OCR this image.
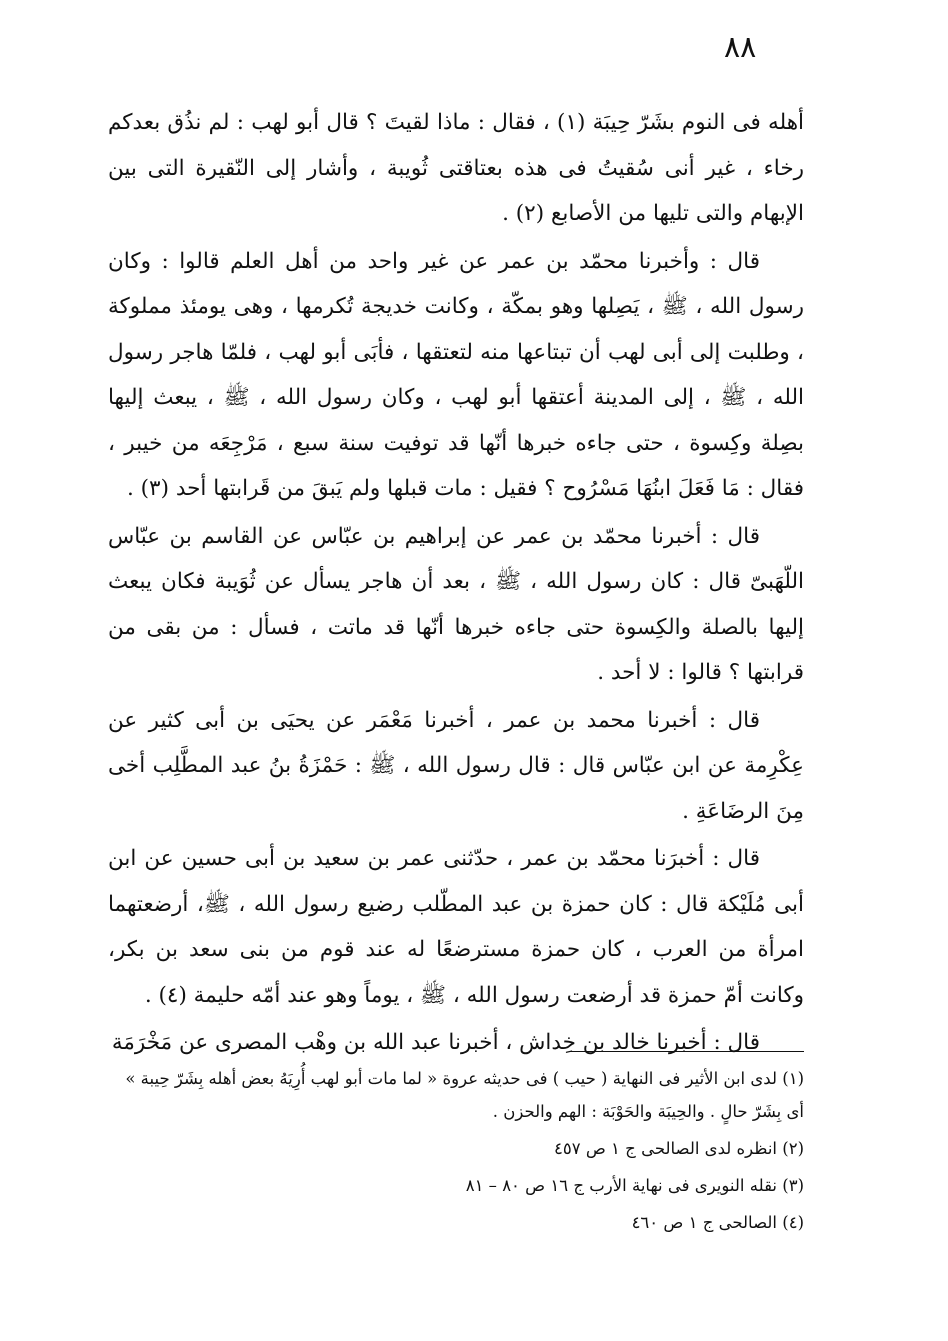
٨٨

أهله فى النوم بشَرّ حِيبَة (١) ، فقال : ماذا لقيتَ ؟ قال أبو لهب : لم نذُق بعدكم رخاء ، غير أنى سُقيتُ فى هذه بعتاقتى ثُويبة ، وأشار إلى النّقيرة التى بين الإبهام والتى تليها من الأصابع (٢) .

قال : وأخبرنا محمّد بن عمر عن غير واحد من أهل العلم قالوا : وكان رسول الله ، ﷺ ، يَصِلها وهو بمكّة ، وكانت خديجة تُكرمها ، وهى يومئذ مملوكة ، وطلبت إلى أبى لهب أن تبتاعها منه لتعتقها ، فأبَى أبو لهب ، فلمّا هاجر رسول الله ، ﷺ ، إلى المدينة أعتقها أبو لهب ، وكان رسول الله ، ﷺ ، يبعث إليها بصِلة وكِسوة ، حتى جاءه خبرها أنّها قد توفيت سنة سبع ، مَرْجِعَه من خيبر ، فقال : مَا فَعَلَ ابنُهَا مَسْرُوح ؟ فقيل : مات قبلها ولم يَبقَ من قَرابتها أحد (٣) .

قال : أخبرنا محمّد بن عمر عن إبراهيم بن عبّاس عن القاسم بن عبّاس اللّهَبىّ قال : كان رسول الله ، ﷺ ، بعد أن هاجر يسأل عن ثُوَيبة فكان يبعث إليها بالصلة والكِسوة حتى جاءه خبرها أنّها قد ماتت ، فسأل : من بقى من قرابتها ؟ قالوا : لا أحد .

قال : أخبرنا محمد بن عمر ، أخبرنا مَعْمَر عن يحيَى بن أبى كثير عن عِكْرِمة عن ابن عبّاس قال : قال رسول الله ، ﷺ : حَمْزَةُ بنُ عبد المطَّلِب أخى مِنَ الرضَاعَةِ .

قال : أخبرَنا محمّد بن عمر ، حدّثنى عمر بن سعيد بن أبى حسين عن ابن أبى مُلَيْكة قال : كان حمزة بن عبد المطّلب رضيع رسول الله ، ﷺ، أرضعتهما امرأة من العرب ، كان حمزة مسترضعًا له عند قوم من بنى سعد بن بكر، وكانت أمّ حمزة قد أرضعت رسول الله ، ﷺ ، يوماً وهو عند أمّه حليمة (٤) .

قال : أخبرنا خالد بن خِداش ، أخبرنا عبد الله بن وهْب المصرى عن مَخْرَمَة

(١) لدى ابن الأثير فى النهاية ( حيب ) فى حديثه عروة « لما مات أبو لهب أُرِيَهُ بعض أهله بِشَرّ حِيبة » أى بِشَرّ حالٍ . والحِيبَة والحَوْبَة : الهم والحزن .

(٢) انظره لدى الصالحى ج ١ ص ٤٥٧

(٣) نقله النويرى فى نهاية الأرب ج ١٦ ص ٨٠ – ٨١

(٤) الصالحى ج ١ ص ٤٦٠
